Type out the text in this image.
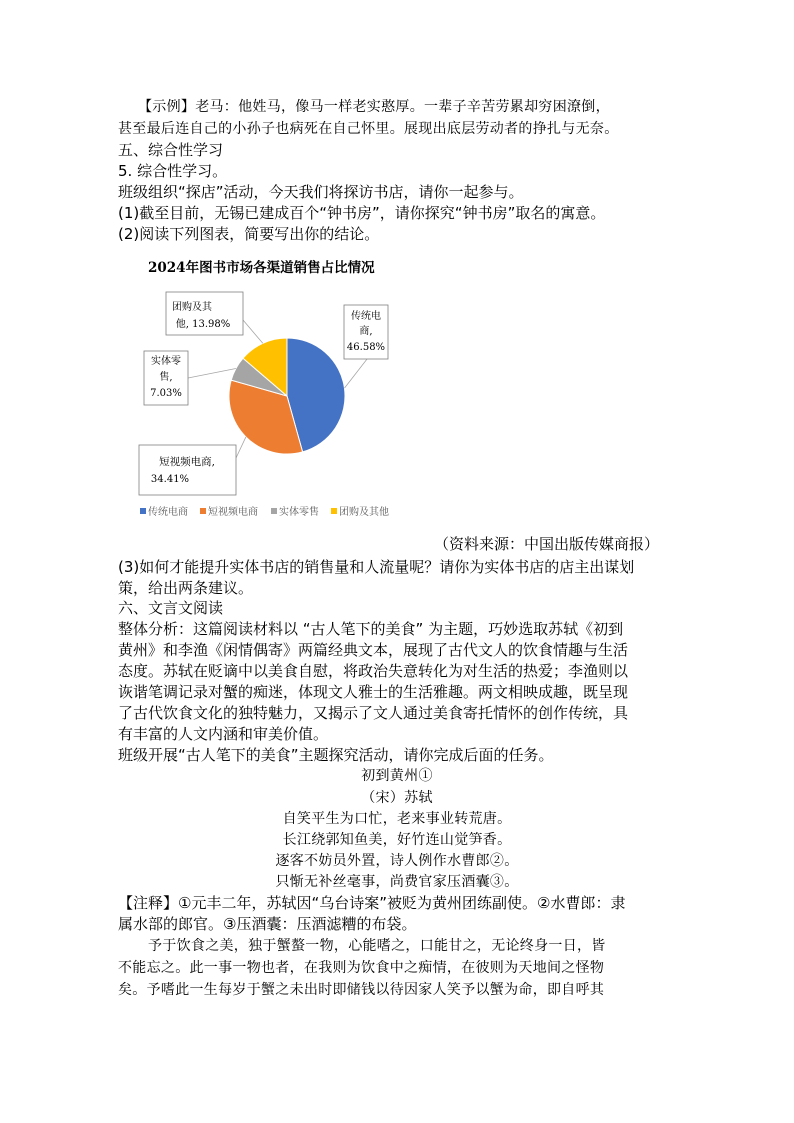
【示例】老马：他姓马，像马一样老实憨厚。一辈子辛苦劳累却穷困潦倒，
甚至最后连自己的小孙子也病死在自己怀里。展现出底层劳动者的挣扎与无奈。
五、综合性学习
5. 综合性学习。
班级组织“探店”活动，今天我们将探访书店，请你一起参与。
(1)截至目前，无锡已建成百个“钟书房”，请你探究“钟书房”取名的寓意。
(2)阅读下列图表，简要写出你的结论。
2024年图书市场各渠道销售占比情况
传统电
商,
46.58%
短视频电商,
34.41%
实体零
售,
7.03%
团购及其
他, 13.98%
传统电商 短视频电商 实体零售 团购及其他
（资料来源：中国出版传媒商报）
(3)如何才能提升实体书店的销售量和人流量呢？请你为实体书店的店主出谋划
策，给出两条建议。
六、文言文阅读
整体分析：这篇阅读材料以 “古人笔下的美食” 为主题，巧妙选取苏轼《初到
黄州》和李渔《闲情偶寄》两篇经典文本，展现了古代文人的饮食情趣与生活
态度。苏轼在贬谪中以美食自慰，将政治失意转化为对生活的热爱；李渔则以
诙谐笔调记录对蟹的痴迷，体现文人雅士的生活雅趣。两文相映成趣，既呈现
了古代饮食文化的独特魅力，又揭示了文人通过美食寄托情怀的创作传统，具
有丰富的人文内涵和审美价值。
班级开展“古人笔下的美食”主题探究活动，请你完成后面的任务。
初到黄州①
（宋）苏轼
自笑平生为口忙，老来事业转荒唐。
长江绕郭知鱼美，好竹连山觉笋香。
逐客不妨员外置，诗人例作水曹郎②。
只惭无补丝毫事，尚费官家压酒囊③。
【注释】①元丰二年，苏轼因“乌台诗案”被贬为黄州团练副使。②水曹郎：隶
属水部的郎官。③压酒囊：压酒滤糟的布袋。
予于饮食之美，独于蟹螯一物，心能嗜之，口能甘之，无论终身一日，皆
不能忘之。此一事一物也者，在我则为饮食中之痴情，在彼则为天地间之怪物
矣。予嗜此一生每岁于蟹之未出时即储钱以待因家人笑予以蟹为命，即自呼其
